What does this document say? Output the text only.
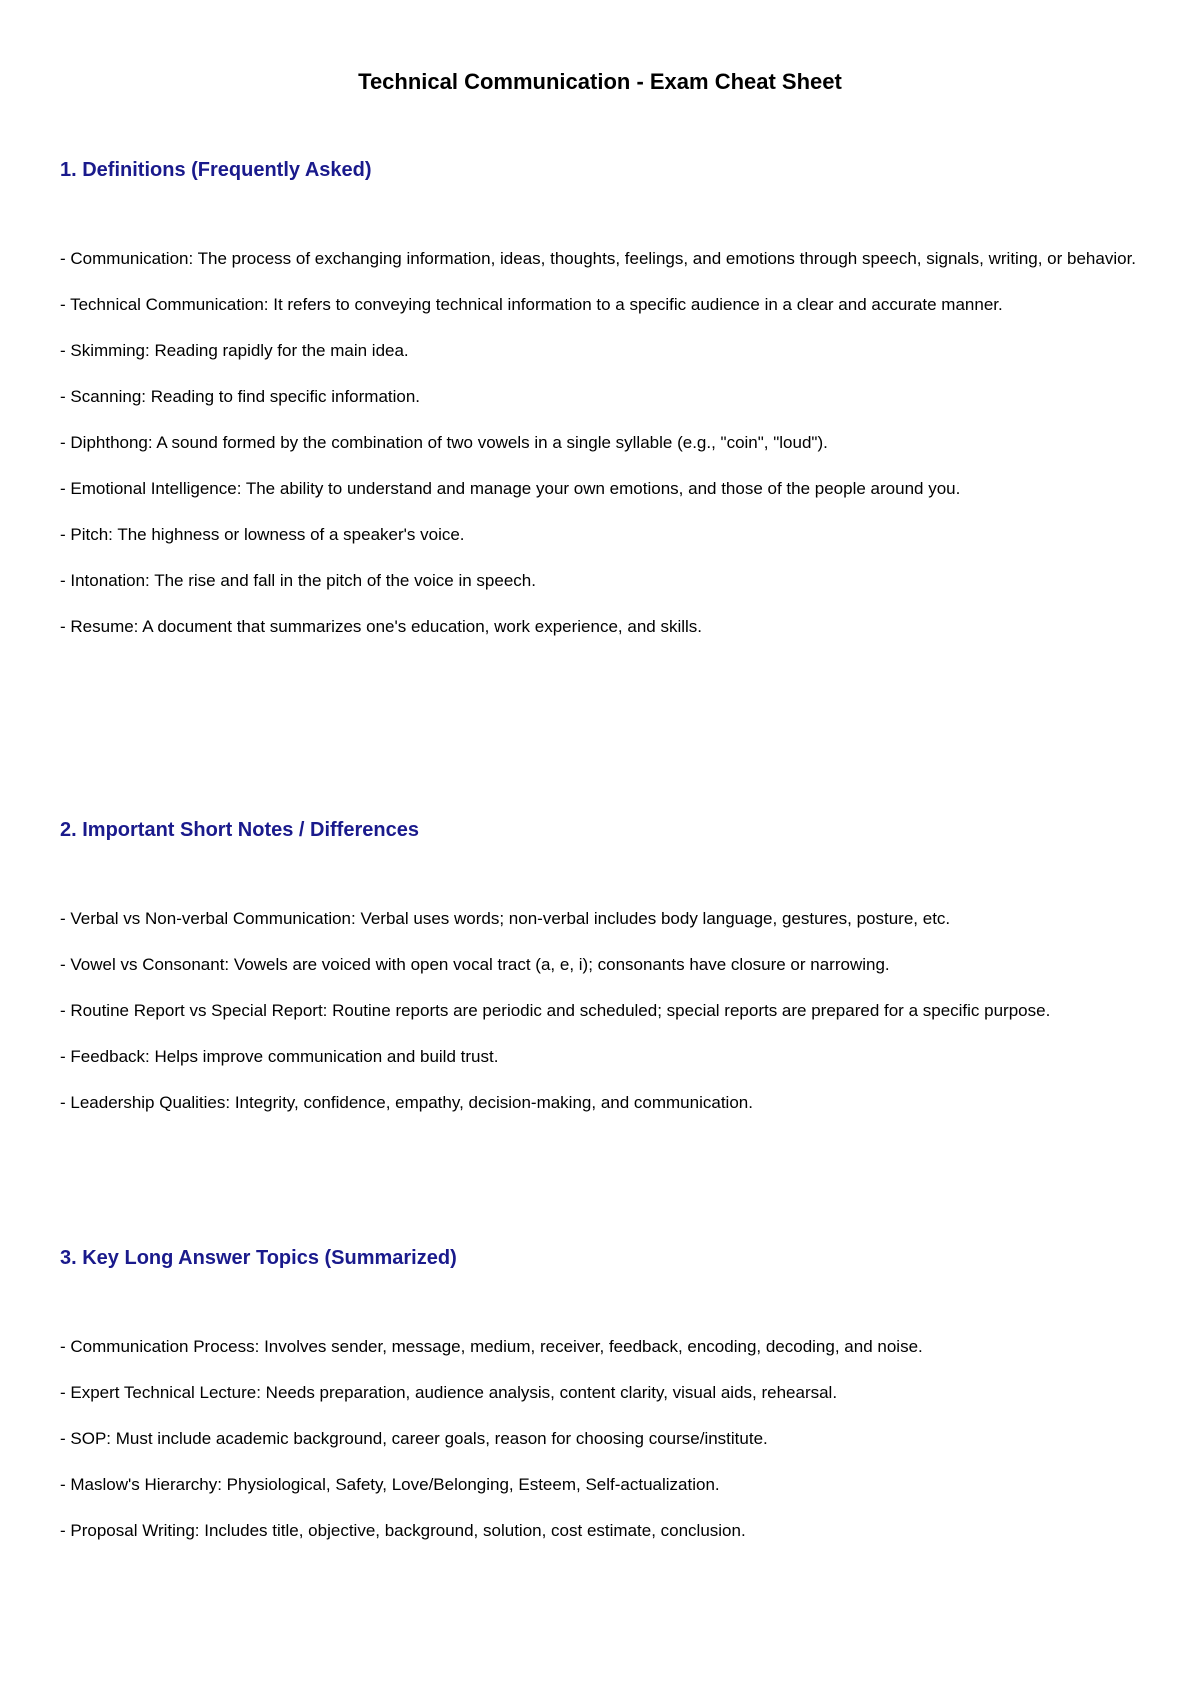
Technical Communication - Exam Cheat Sheet
1. Definitions (Frequently Asked)
- Communication: The process of exchanging information, ideas, thoughts, feelings, and emotions through speech, signals, writing, or behavior.
- Technical Communication: It refers to conveying technical information to a specific audience in a clear and accurate manner.
- Skimming: Reading rapidly for the main idea.
- Scanning: Reading to find specific information.
- Diphthong: A sound formed by the combination of two vowels in a single syllable (e.g., "coin", "loud").
- Emotional Intelligence: The ability to understand and manage your own emotions, and those of the people around you.
- Pitch: The highness or lowness of a speaker's voice.
- Intonation: The rise and fall in the pitch of the voice in speech.
- Resume: A document that summarizes one's education, work experience, and skills.
2. Important Short Notes / Differences
- Verbal vs Non-verbal Communication: Verbal uses words; non-verbal includes body language, gestures, posture, etc.
- Vowel vs Consonant: Vowels are voiced with open vocal tract (a, e, i); consonants have closure or narrowing.
- Routine Report vs Special Report: Routine reports are periodic and scheduled; special reports are prepared for a specific purpose.
- Feedback: Helps improve communication and build trust.
- Leadership Qualities: Integrity, confidence, empathy, decision-making, and communication.
3. Key Long Answer Topics (Summarized)
- Communication Process: Involves sender, message, medium, receiver, feedback, encoding, decoding, and noise.
- Expert Technical Lecture: Needs preparation, audience analysis, content clarity, visual aids, rehearsal.
- SOP: Must include academic background, career goals, reason for choosing course/institute.
- Maslow's Hierarchy: Physiological, Safety, Love/Belonging, Esteem, Self-actualization.
- Proposal Writing: Includes title, objective, background, solution, cost estimate, conclusion.
